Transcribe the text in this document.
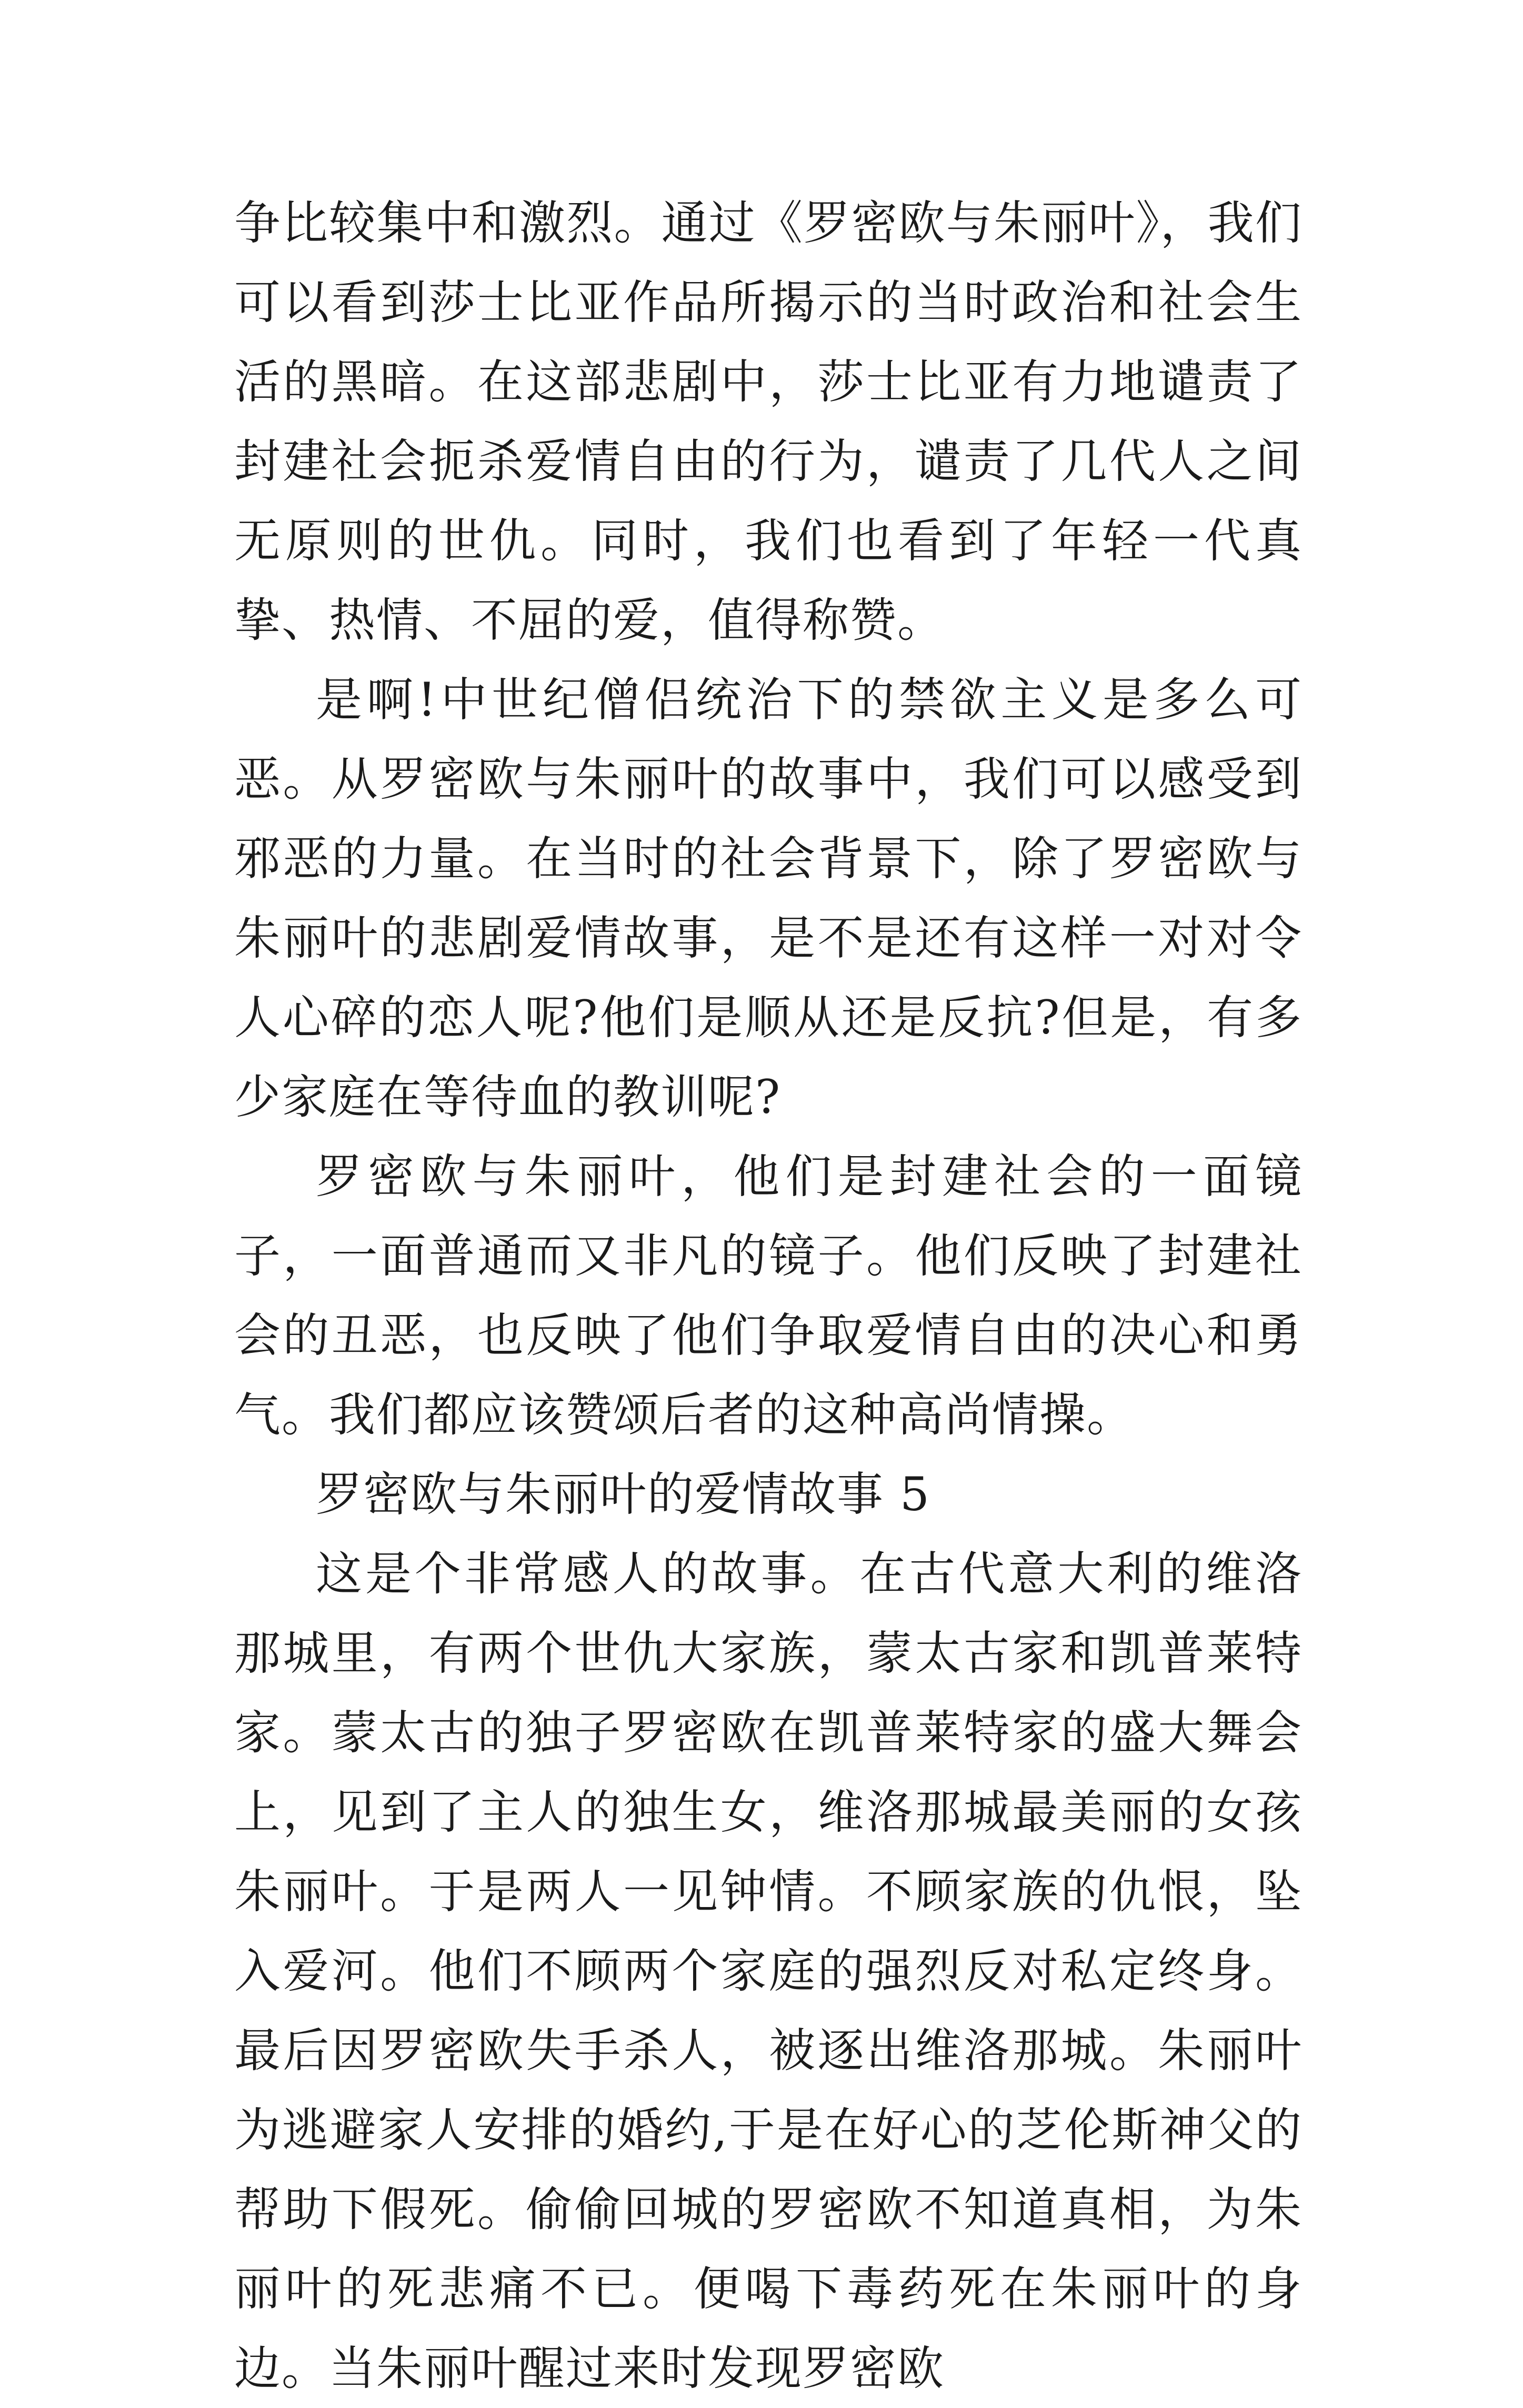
争比较集中和激烈。通过《罗密欧与朱丽叶》，我们可以看到莎士比亚作品所揭示的当时政治和社会生活的黑暗。在这部悲剧中，莎士比亚有力地谴责了封建社会扼杀爱情自由的行为，谴责了几代人之间无原则的世仇。同时，我们也看到了年轻一代真挚、热情、不屈的爱，值得称赞。

是啊!中世纪僧侣统治下的禁欲主义是多么可恶。从罗密欧与朱丽叶的故事中，我们可以感受到邪恶的力量。在当时的社会背景下，除了罗密欧与朱丽叶的悲剧爱情故事，是不是还有这样一对对令人心碎的恋人呢?他们是顺从还是反抗?但是，有多少家庭在等待血的教训呢?

罗密欧与朱丽叶，他们是封建社会的一面镜子，一面普通而又非凡的镜子。他们反映了封建社会的丑恶，也反映了他们争取爱情自由的决心和勇气。我们都应该赞颂后者的这种高尚情操。

罗密欧与朱丽叶的爱情故事 5

这是个非常感人的故事。在古代意大利的维洛那城里，有两个世仇大家族，蒙太古家和凯普莱特家。蒙太古的独子罗密欧在凯普莱特家的盛大舞会上，见到了主人的独生女，维洛那城最美丽的女孩朱丽叶。于是两人一见钟情。不顾家族的仇恨，坠入爱河。他们不顾两个家庭的强烈反对私定终身。最后因罗密欧失手杀人，被逐出维洛那城。朱丽叶为逃避家人安排的婚约,于是在好心的芝伦斯神父的帮助下假死。偷偷回城的罗密欧不知道真相，为朱丽叶的死悲痛不已。便喝下毒药死在朱丽叶的身边。当朱丽叶醒过来时发现罗密欧
